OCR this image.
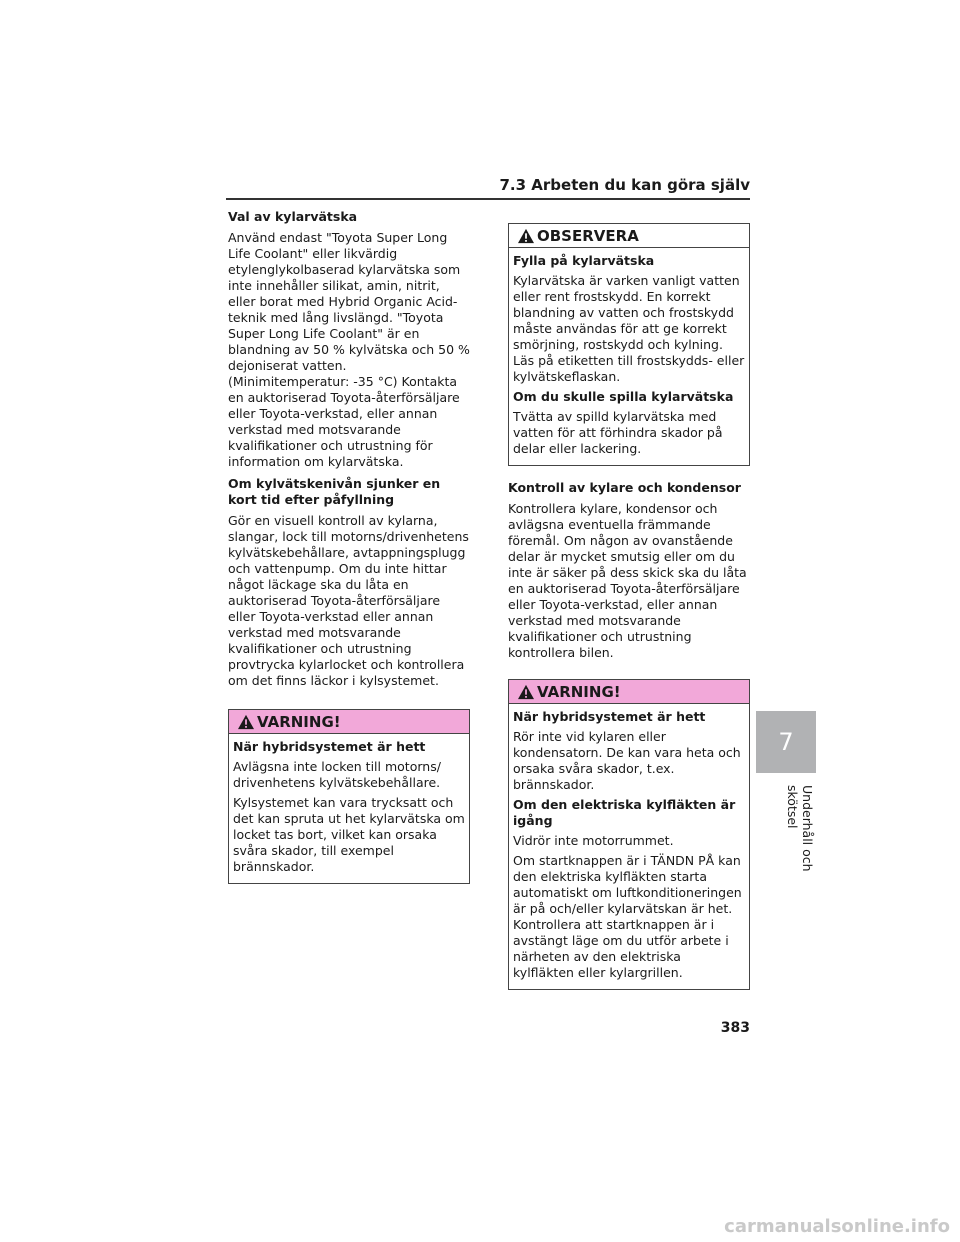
7.3 Arbeten du kan göra själv
Val av kylarvätska
Använd endast "Toyota Super Long Life Coolant" eller likvärdig etylenglykolbaserad kylarvätska som inte innehåller silikat, amin, nitrit, eller borat med Hybrid Organic Acid-teknik med lång livslängd. "Toyota Super Long Life Coolant" är en blandning av 50 % kylvätska och 50 % dejoniserat vatten. (Minimitemperatur: -35 °C) Kontakta en auktoriserad Toyota-återförsäljare eller Toyota-verkstad, eller annan verkstad med motsvarande kvalifikationer och utrustning för information om kylarvätska.
Om kylvätskenivån sjunker en kort tid efter påfyllning
Gör en visuell kontroll av kylarna, slangar, lock till motorns/drivenhetens kylvätskebehållare, avtappningsplugg och vattenpump. Om du inte hittar något läckage ska du låta en auktoriserad Toyota-återförsäljare eller Toyota-verkstad eller annan verkstad med motsvarande kvalifikationer och utrustning provtrycka kylarlocket och kontrollera om det finns läckor i kylsystemet.
VARNING!
När hybridsystemet är hett
Avlägsna inte locken till motorns/ drivenhetens kylvätskebehållare.
Kylsystemet kan vara trycksatt och det kan spruta ut het kylarvätska om locket tas bort, vilket kan orsaka svåra skador, till exempel brännskador.
OBSERVERA
Fylla på kylarvätska
Kylarvätska är varken vanligt vatten eller rent frostskydd. En korrekt blandning av vatten och frostskydd måste användas för att ge korrekt smörjning, rostskydd och kylning. Läs på etiketten till frostskydds- eller kylvätskeflaskan.
Om du skulle spilla kylarvätska
Tvätta av spilld kylarvätska med vatten för att förhindra skador på delar eller lackering.
Kontroll av kylare och kondensor
Kontrollera kylare, kondensor och avlägsna eventuella främmande föremål. Om någon av ovanstående delar är mycket smutsig eller om du inte är säker på dess skick ska du låta en auktoriserad Toyota-återförsäljare eller Toyota-verkstad, eller annan verkstad med motsvarande kvalifikationer och utrustning kontrollera bilen.
VARNING!
När hybridsystemet är hett
Rör inte vid kylaren eller kondensatorn. De kan vara heta och orsaka svåra skador, t.ex. brännskador.
Om den elektriska kylfläkten är igång
Vidrör inte motorrummet.
Om startknappen är i TÄNDN PÅ kan den elektriska kylfläkten starta automatiskt om luftkonditioneringen är på och/eller kylarvätskan är het. Kontrollera att startknappen är i avstängt läge om du utför arbete i närheten av den elektriska kylfläkten eller kylargrillen.
7
Underhåll och skötsel
383
carmanualsonline.info
